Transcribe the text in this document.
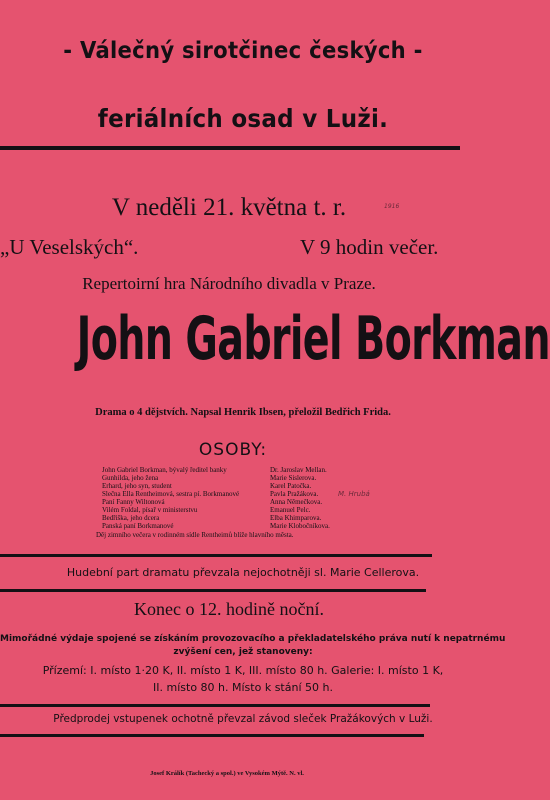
- Válečný sirotčinec českých -
feriálních osad v Luži.
V neděli 21. května t. r.	1916
„U Veselských“.	V 9 hodin večer.
Repertoirní hra Národního divadla v Praze.
John Gabriel Borkman
Drama o 4 dějstvích. Napsal Henrik Ibsen, přeložil Bedřich Frida.
OSOBY:
John Gabriel Borkman, bývalý ředitel banky
Gunhilda, jeho žena
Erhard, jeho syn, student
Slečna Ella Rentheimová, sestra pí. Borkmanové
Paní Fanny Wiltonová
Vilém Foldal, písař v ministerstvu
Bedřiška, jeho dcera
Panská paní Borkmanové
Dr. Jaroslav Mellan.
Marie Sislerova.
Karel Patočka.
Pavla Pražákova.
Anna Němečkova.
Emanuel Pelc.
Elba Khimparova.
Marie Klobočníkova.
M. Hrubá
Děj zimního večera v rodinném sídle Rentheimů blíže hlavního města.
Hudební part dramatu převzala nejochotněji sl. Marie Cellerova.
Konec o 12. hodině noční.
Mimořádné výdaje spojené se získáním provozovacího a překladatelského práva nutí k nepatrnému
zvýšení cen, jež stanoveny:
Přízemí: I. místo 1·20 K, II. místo 1 K, III. místo 80 h. Galerie: I. místo 1 K,
II. místo 80 h. Místo k stání 50 h.
Předprodej vstupenek ochotně převzal závod sleček Pražákových v Luži.
Josef Králík (Tachecký a spol.) ve Vysokém Mýtě. N. vl.
